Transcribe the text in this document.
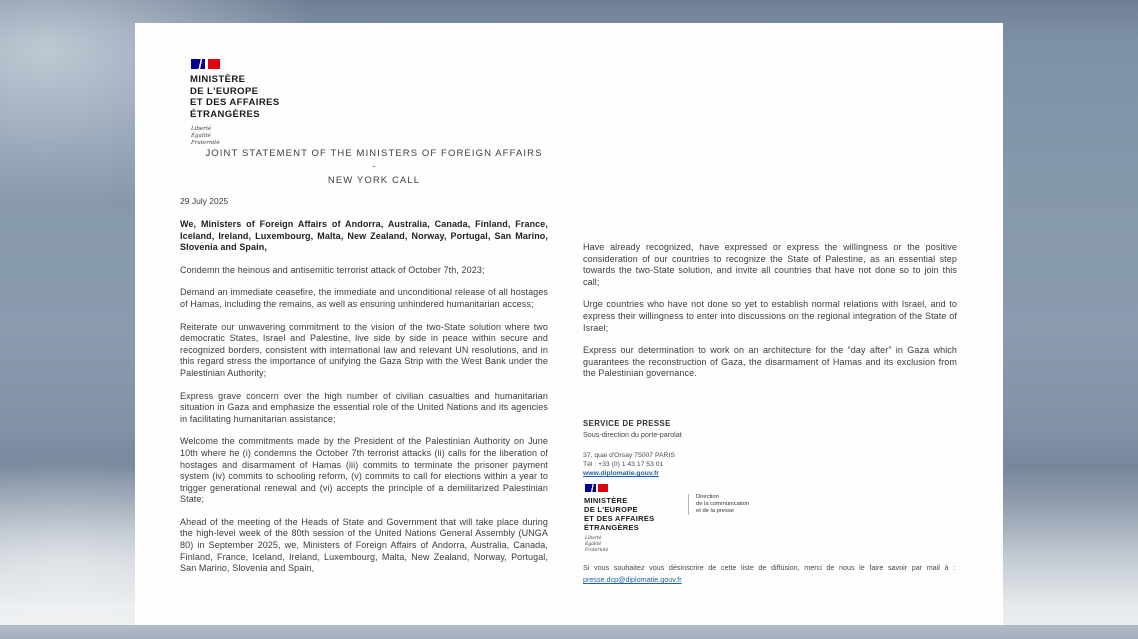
MINISTÈRE
DE L'EUROPE
ET DES AFFAIRES
ÉTRANGÈRES
Liberté
Égalité
Fraternité
JOINT STATEMENT OF THE MINISTERS OF FOREIGN AFFAIRS
-
NEW YORK CALL
29 July 2025
We, Ministers of Foreign Affairs of Andorra, Australia, Canada, Finland, France, Iceland, Ireland, Luxembourg, Malta, New Zealand, Norway, Portugal, San Marino, Slovenia and Spain,
Condemn the heinous and antisemitic terrorist attack of October 7th, 2023;
Demand an immediate ceasefire, the immediate and unconditional release of all hostages of Hamas, including the remains, as well as ensuring unhindered humanitarian access;
Reiterate our unwavering commitment to the vision of the two-State solution where two democratic States, Israel and Palestine, live side by side in peace within secure and recognized borders, consistent with international law and relevant UN resolutions, and in this regard stress the importance of unifying the Gaza Strip with the West Bank under the Palestinian Authority;
Express grave concern over the high number of civilian casualties and humanitarian situation in Gaza and emphasize the essential role of the United Nations and its agencies in facilitating humanitarian assistance;
Welcome the commitments made by the President of the Palestinian Authority on June 10th where he (i) condemns the October 7th terrorist attacks (ii) calls for the liberation of hostages and disarmament of Hamas (iii) commits to terminate the prisoner payment system (iv) commits to schooling reform, (v) commits to call for elections within a year to trigger generational renewal and (vi) accepts the principle of a demilitarized Palestinian State;
Ahead of the meeting of the Heads of State and Government that will take place during the high-level week of the 80th session of the United Nations General Assembly (UNGA 80) in September 2025, we, Ministers of Foreign Affairs of Andorra, Australia, Canada, Finland, France, Iceland, Ireland, Luxembourg, Malta, New Zealand, Norway, Portugal, San Marino, Slovenia and Spain,
Have already recognized, have expressed or express the willingness or the positive consideration of our countries to recognize the State of Palestine, as an essential step towards the two-State solution, and invite all countries that have not done so to join this call;
Urge countries who have not done so yet to establish normal relations with Israel, and to express their willingness to enter into discussions on the regional integration of the State of Israel;
Express our determination to work on an architecture for the “day after” in Gaza which guarantees the reconstruction of Gaza, the disarmament of Hamas and its exclusion from the Palestinian governance.
SERVICE DE PRESSE
Sous-direction du porte-parolat
37, quai d'Orsay 75007 PARIS
Tél : +33 (0) 1 43 17 53 01
www.diplomatie.gouv.fr
MINISTÈRE
DE L'EUROPE
ET DES AFFAIRES
ÉTRANGÈRES
Liberté
Égalité
Fraternité
Direction
de la communication
et de la presse
Si vous souhaitez vous désinscrire de cette liste de diffusion, merci de nous le faire savoir par mail à :
presse.dcp@diplomatie.gouv.fr
